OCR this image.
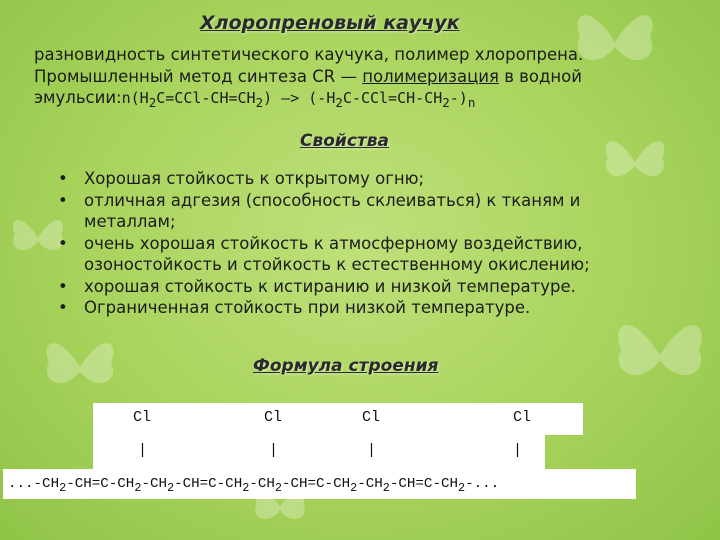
Хлоропреновый каучук
разновидность синтетического каучука, полимер хлоропрена. Промышленный метод синтеза CR — полимеризация в водной $эмульсии:n(H_2C=CCl-CH=CH_2)$ —> $(-H_2C-CCl=CH-CH_2-)_n$
Свойства
• Хорошая стойкость к открытому огню;
• отличная адгезия (способность склеиваться) к тканям и металлам;
• очень хорошая стойкость к атмосферному воздействию, озоностойкость и стойкость к естественному окислению;
• хорошая стойкость к истиранию и низкой температуре.
• Ограниченная стойкость при низкой температуре.
Формула строения
Cl	Cl	Cl	Cl
|	|	|	|
$...-CH_2-CH=C-CH_2-CH_2-CH=C-CH_2-CH_2-CH=C-CH_2-CH_2-CH=C-CH_2-$...
